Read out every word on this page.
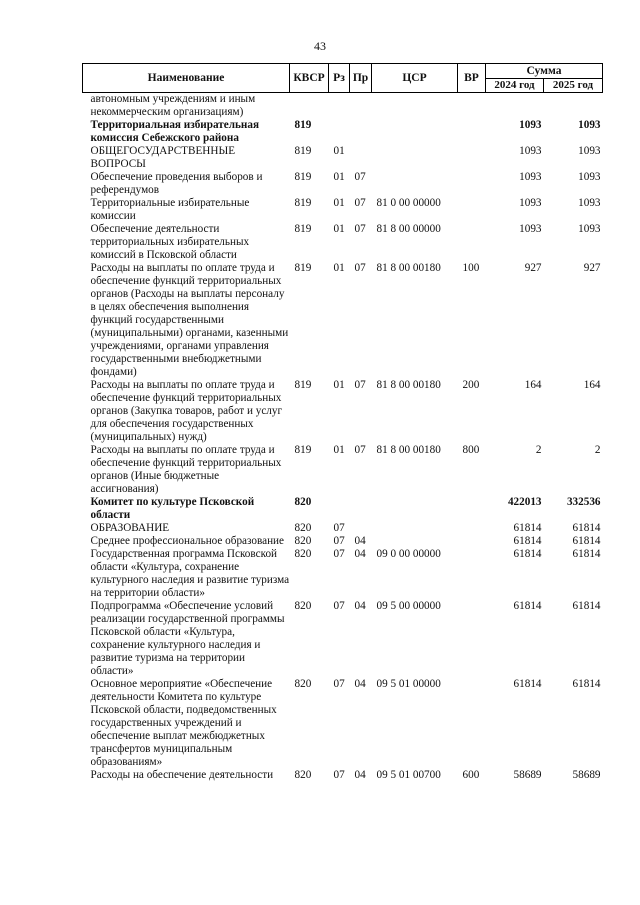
43
Наименование	КВСР	Рз	Пр	ЦСР	ВР	Сумма	
						2024 год	2025 год
автономным учреждениям и иным некоммерческим организациям)							
Территориальная избирательная комиссия Себежского района	819					1093	1093
ОБЩЕГОСУДАРСТВЕННЫЕ ВОПРОСЫ	819	01				1093	1093
Обеспечение проведения выборов и референдумов	819	01	07			1093	1093
Территориальные избирательные комиссии	819	01	07	81 0 00 00000		1093	1093
Обеспечение деятельности территориальных избирательных комиссий в Псковской области	819	01	07	81 8 00 00000		1093	1093
Расходы на выплаты по оплате труда и обеспечение функций территориальных органов (Расходы на выплаты персоналу в целях обеспечения выполнения функций государственными (муниципальными) органами, казенными учреждениями, органами управления государственными внебюджетными фондами)	819	01	07	81 8 00 00180	100	927	927
Расходы на выплаты по оплате труда и обеспечение функций территориальных органов (Закупка товаров, работ и услуг для обеспечения государственных (муниципальных) нужд)	819	01	07	81 8 00 00180	200	164	164
Расходы на выплаты по оплате труда и обеспечение функций территориальных органов (Иные бюджетные ассигнования)	819	01	07	81 8 00 00180	800	2	2
Комитет по культуре Псковской области	820					422013	332536
ОБРАЗОВАНИЕ	820	07				61814	61814
Среднее профессиональное образование	820	07	04			61814	61814
Государственная программа Псковской области «Культура, сохранение культурного наследия и развитие туризма на территории области»	820	07	04	09 0 00 00000		61814	61814
Подпрограмма «Обеспечение условий реализации государственной программы Псковской области «Культура, сохранение культурного наследия и развитие туризма на территории области»	820	07	04	09 5 00 00000		61814	61814
Основное мероприятие «Обеспечение деятельности Комитета по культуре Псковской области, подведомственных государственных учреждений и обеспечение выплат межбюджетных трансфертов муниципальным образованиям»	820	07	04	09 5 01 00000		61814	61814
Расходы на обеспечение деятельности	820	07	04	09 5 01 00700	600	58689	58689
